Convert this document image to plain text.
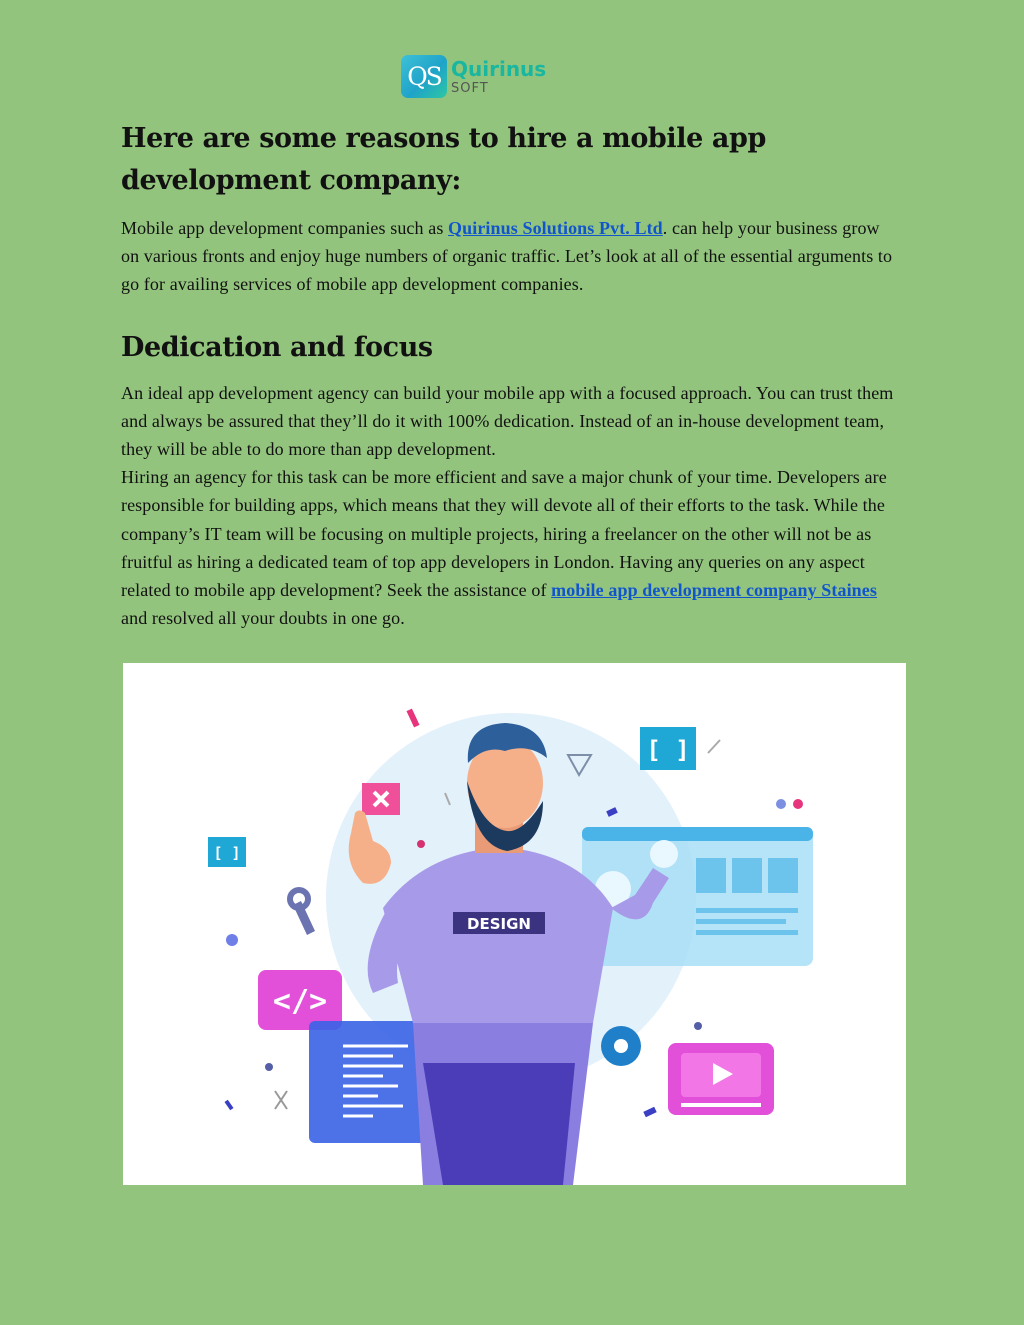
QS Quirinus
SOFT
Here are some reasons to hire a mobile app development company:

Mobile app development companies such as Quirinus Solutions Pvt. Ltd. can help your business grow on various fronts and enjoy huge numbers of organic traffic. Let’s look at all of the essential arguments to go for availing services of mobile app development companies.

Dedication and focus

An ideal app development agency can build your mobile app with a focused approach. You can trust them and always be assured that they’ll do it with 100% dedication. Instead of an in-house development team, they will be able to do more than app development.
Hiring an agency for this task can be more efficient and save a major chunk of your time. Developers are responsible for building apps, which means that they will devote all of their efforts to the task. While the company’s IT team will be focusing on multiple projects, hiring a freelancer on the other will not be as fruitful as hiring a dedicated team of top app developers in London. Having any queries on any aspect related to mobile app development? Seek the assistance of mobile app development company Staines and resolved all your doubts in one go.

[ ]
[ ]
</>
DESIGN
